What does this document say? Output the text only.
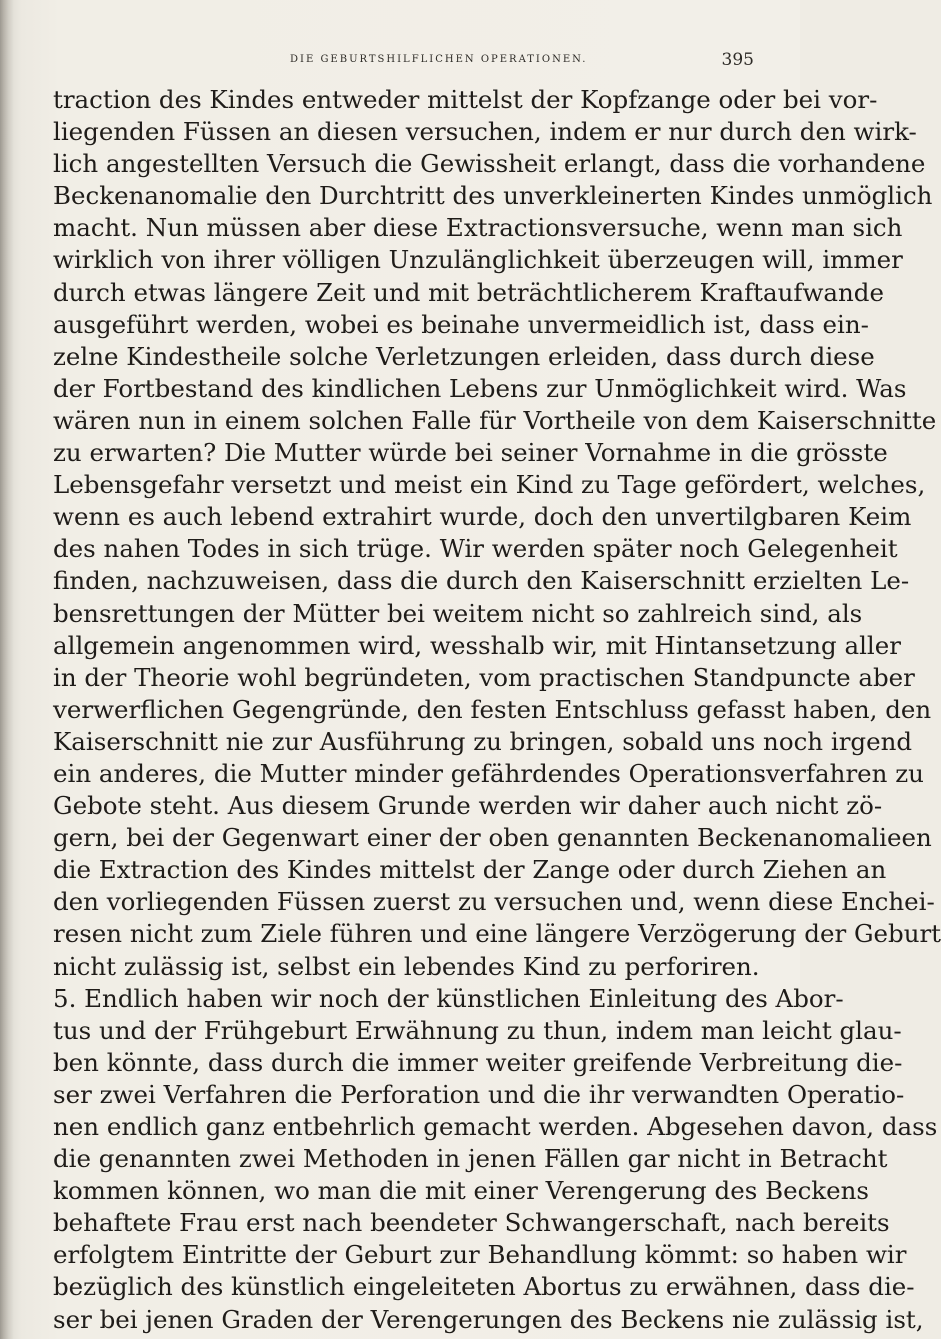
DIE GEBURTSHILFLICHEN OPERATIONEN.	395
traction des Kindes entweder mittelst der Kopfzange oder bei vor-
liegenden Füssen an diesen versuchen, indem er nur durch den wirk-
lich angestellten Versuch die Gewissheit erlangt, dass die vorhandene
Beckenanomalie den Durchtritt des unverkleinerten Kindes unmöglich
macht. Nun müssen aber diese Extractionsversuche, wenn man sich
wirklich von ihrer völligen Unzulänglichkeit überzeugen will, immer
durch etwas längere Zeit und mit beträchtlicherem Kraftaufwande
ausgeführt werden, wobei es beinahe unvermeidlich ist, dass ein-
zelne Kindestheile solche Verletzungen erleiden, dass durch diese
der Fortbestand des kindlichen Lebens zur Unmöglichkeit wird. Was
wären nun in einem solchen Falle für Vortheile von dem Kaiserschnitte
zu erwarten? Die Mutter würde bei seiner Vornahme in die grösste
Lebensgefahr versetzt und meist ein Kind zu Tage gefördert, welches,
wenn es auch lebend extrahirt wurde, doch den unvertilgbaren Keim
des nahen Todes in sich trüge. Wir werden später noch Gelegenheit
finden, nachzuweisen, dass die durch den Kaiserschnitt erzielten Le-
bensrettungen der Mütter bei weitem nicht so zahlreich sind, als
allgemein angenommen wird, wesshalb wir, mit Hintansetzung aller
in der Theorie wohl begründeten, vom practischen Standpuncte aber
verwerflichen Gegengründe, den festen Entschluss gefasst haben, den
Kaiserschnitt nie zur Ausführung zu bringen, sobald uns noch irgend
ein anderes, die Mutter minder gefährdendes Operationsverfahren zu
Gebote steht. Aus diesem Grunde werden wir daher auch nicht zö-
gern, bei der Gegenwart einer der oben genannten Beckenanomalieen
die Extraction des Kindes mittelst der Zange oder durch Ziehen an
den vorliegenden Füssen zuerst zu versuchen und, wenn diese Enchei-
resen nicht zum Ziele führen und eine längere Verzögerung der Geburt
nicht zulässig ist, selbst ein lebendes Kind zu perforiren.
5. Endlich haben wir noch der künstlichen Einleitung des Abor-
tus und der Frühgeburt Erwähnung zu thun, indem man leicht glau-
ben könnte, dass durch die immer weiter greifende Verbreitung die-
ser zwei Verfahren die Perforation und die ihr verwandten Operatio-
nen endlich ganz entbehrlich gemacht werden. Abgesehen davon, dass
die genannten zwei Methoden in jenen Fällen gar nicht in Betracht
kommen können, wo man die mit einer Verengerung des Beckens
behaftete Frau erst nach beendeter Schwangerschaft, nach bereits
erfolgtem Eintritte der Geburt zur Behandlung kömmt: so haben wir
bezüglich des künstlich eingeleiteten Abortus zu erwähnen, dass die-
ser bei jenen Graden der Verengerungen des Beckens nie zulässig ist,
